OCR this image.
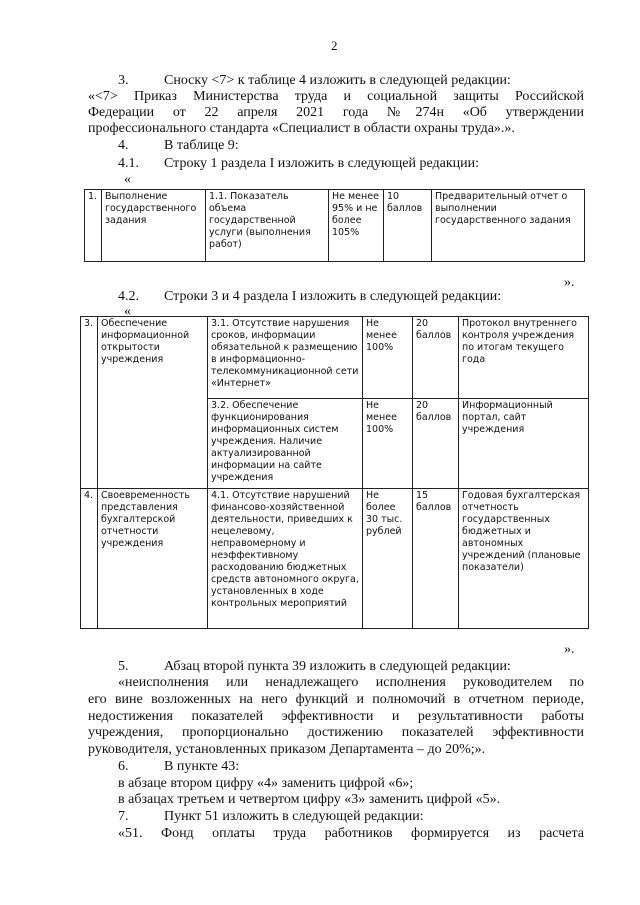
2
3.	Сноску <7> к таблице 4 изложить в следующей редакции:
«<7> Приказ Министерства труда и социальной защиты Российской
Федерации от 22 апреля 2021 года №274н «Об утверждении
профессионального стандарта «Специалист в области охраны труда».».
4.	В таблице 9:
4.1. Строку 1 раздела I изложить в следующей редакции:
«
1.	Выполнение государственного задания	1.1. Показатель объема государственной услуги (выполнения работ)	Не менее 95% и не более 105%	10 баллов	Предварительный отчет о выполнении государственного задания
».
4.2. Строки 3 и 4 раздела I изложить в следующей редакции:
«
3.	Обеспечение информационной открытости учреждения	3.1. Отсутствие нарушения сроков, информации обязательной к размещению в информационно-телекоммуникационной сети «Интернет»	Не менее 100%	20 баллов	Протокол внутреннего контроля учреждения по итогам текущего года
		3.2. Обеспечение функционирования информационных систем учреждения. Наличие актуализированной информации на сайте учреждения	Не менее 100%	20 баллов	Информационный портал, сайт учреждения
4.	Своевременность представления бухгалтерской отчетности учреждения	4.1. Отсутствие нарушений финансово-хозяйственной деятельности, приведших к нецелевому, неправомерному и неэффективному расходованию бюджетных средств автономного округа, установленных в ходе контрольных мероприятий	Не более 30 тыс. рублей	15 баллов	Годовая бухгалтерская отчетность государственных бюджетных и автономных учреждений (плановые показатели)
».
5.	Абзац второй пункта 39 изложить в следующей редакции:
«неисполнения или ненадлежащего исполнения руководителем по
его вине возложенных на него функций и полномочий в отчетном периоде,
недостижения показателей эффективности и результативности работы
учреждения, пропорционально достижению показателей эффективности
руководителя, установленных приказом Департамента – до 20%;».
6.	В пункте 43:
в абзаце втором цифру «4» заменить цифрой «6»;
в абзацах третьем и четвертом цифру «3» заменить цифрой «5».
7.	Пункт 51 изложить в следующей редакции:
«51. Фонд оплаты труда работников формируется из расчета
